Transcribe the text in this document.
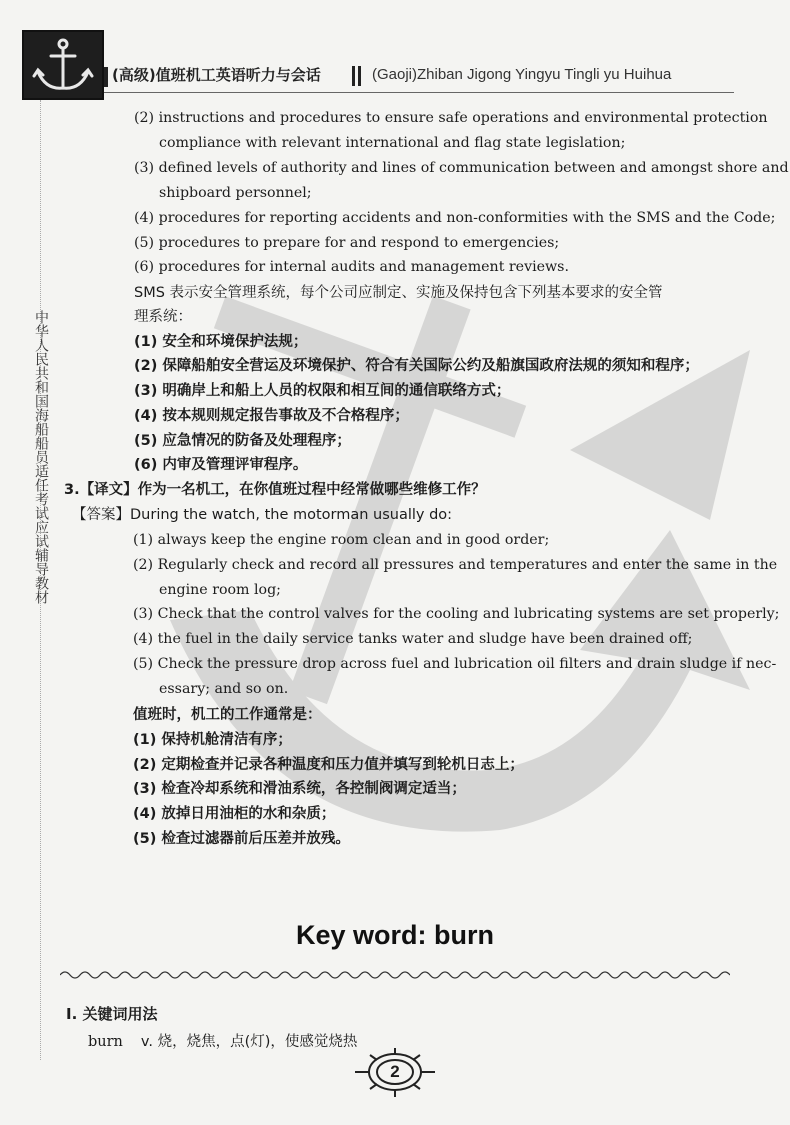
(高级)值班机工英语听力与会话	(Gaoji)Zhiban Jigong Yingyu Tingli yu Huihua
中华人民共和国海船船员适任考试应试辅导教材
(2) instructions and procedures to ensure safe operations and environmental protection
compliance with relevant international and flag state legislation;
(3) defined levels of authority and lines of communication between and amongst shore and
shipboard personnel;
(4) procedures for reporting accidents and non-conformities with the SMS and the Code;
(5) procedures to prepare for and respond to emergencies;
(6) procedures for internal audits and management reviews.
SMS 表示安全管理系统，每个公司应制定、实施及保持包含下列基本要求的安全管
理系统：
(1) 安全和环境保护法规；
(2) 保障船舶安全营运及环境保护、符合有关国际公约及船旗国政府法规的须知和程序；
(3) 明确岸上和船上人员的权限和相互间的通信联络方式；
(4) 按本规则规定报告事故及不合格程序；
(5) 应急情况的防备及处理程序；
(6) 内审及管理评审程序。
3.【译文】作为一名机工，在你值班过程中经常做哪些维修工作？
【答案】During the watch, the motorman usually do:
(1) always keep the engine room clean and in good order;
(2) Regularly check and record all pressures and temperatures and enter the same in the
engine room log;
(3) Check that the control valves for the cooling and lubricating systems are set properly;
(4) the fuel in the daily service tanks water and sludge have been drained off;
(5) Check the pressure drop across fuel and lubrication oil filters and drain sludge if nec-
essary; and so on.
值班时，机工的工作通常是：
(1) 保持机舱清洁有序；
(2) 定期检查并记录各种温度和压力值并填写到轮机日志上；
(3) 检查冷却系统和滑油系统，各控制阀调定适当；
(4) 放掉日用油柜的水和杂质；
(5) 检查过滤器前后压差并放残。
Key word: burn
I. 关键词用法
burn v. 烧，烧焦，点(灯)，使感觉烧热
2
